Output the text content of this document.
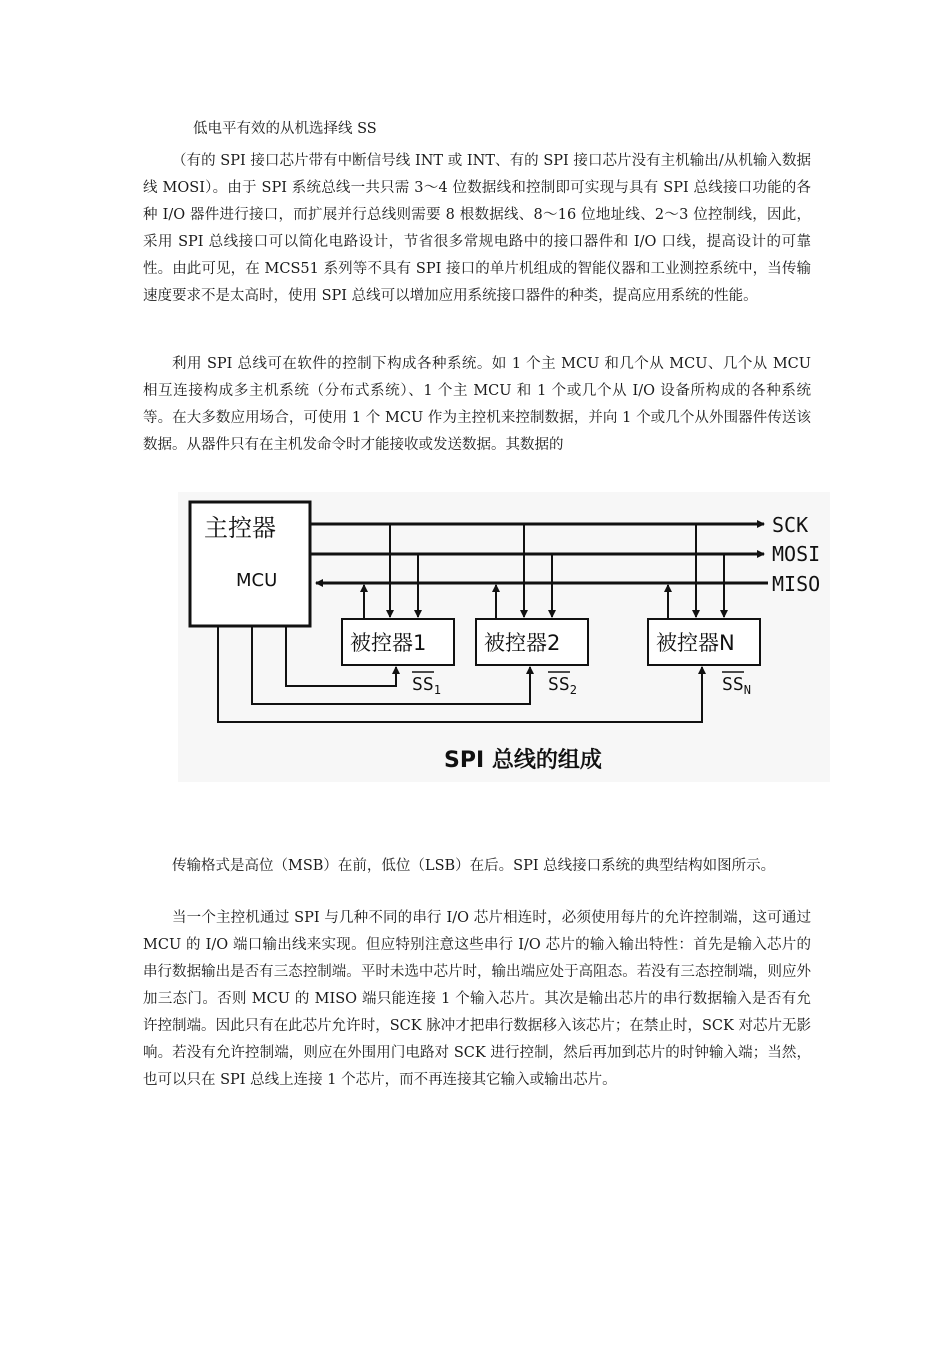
低电平有效的从机选择线 SS

（有的 SPI 接口芯片带有中断信号线 INT 或 INT、有的 SPI 接口芯片没有主机输出/从机输入数据线 MOSI）。由于 SPI 系统总线一共只需 3～4 位数据线和控制即可实现与具有 SPI 总线接口功能的各种 I/O 器件进行接口，而扩展并行总线则需要 8 根数据线、8～16 位地址线、2～3 位控制线，因此，采用 SPI 总线接口可以简化电路设计，节省很多常规电路中的接口器件和 I/O 口线，提高设计的可靠性。由此可见，在 MCS51 系列等不具有 SPI 接口的单片机组成的智能仪器和工业测控系统中，当传输速度要求不是太高时，使用 SPI 总线可以增加应用系统接口器件的种类，提高应用系统的性能。

利用 SPI 总线可在软件的控制下构成各种系统。如 1 个主 MCU 和几个从 MCU、几个从 MCU 相互连接构成多主机系统（分布式系统）、1 个主 MCU 和 1 个或几个从 I/O 设备所构成的各种系统等。在大多数应用场合，可使用 1 个 MCU 作为主控机来控制数据，并向 1 个或几个从外围器件传送该数据。从器件只有在主机发命令时才能接收或发送数据。其数据的

主控器
MCU
SCK
MOSI
MISO
被控器1	被控器2	被控器N
$SS_1$	$SS_2$	$SS_N$
SPI 总线的组成

传输格式是高位（MSB）在前，低位（LSB）在后。SPI 总线接口系统的典型结构如图所示。

当一个主控机通过 SPI 与几种不同的串行 I/O 芯片相连时，必须使用每片的允许控制端，这可通过 MCU 的 I/O 端口输出线来实现。但应特别注意这些串行 I/O 芯片的输入输出特性：首先是输入芯片的串行数据输出是否有三态控制端。平时未选中芯片时，输出端应处于高阻态。若没有三态控制端，则应外加三态门。否则 MCU 的 MISO 端只能连接 1 个输入芯片。其次是输出芯片的串行数据输入是否有允许控制端。因此只有在此芯片允许时，SCK 脉冲才把串行数据移入该芯片；在禁止时，SCK 对芯片无影响。若没有允许控制端，则应在外围用门电路对 SCK 进行控制，然后再加到芯片的时钟输入端；当然，也可以只在 SPI 总线上连接 1 个芯片，而不再连接其它输入或输出芯片。
